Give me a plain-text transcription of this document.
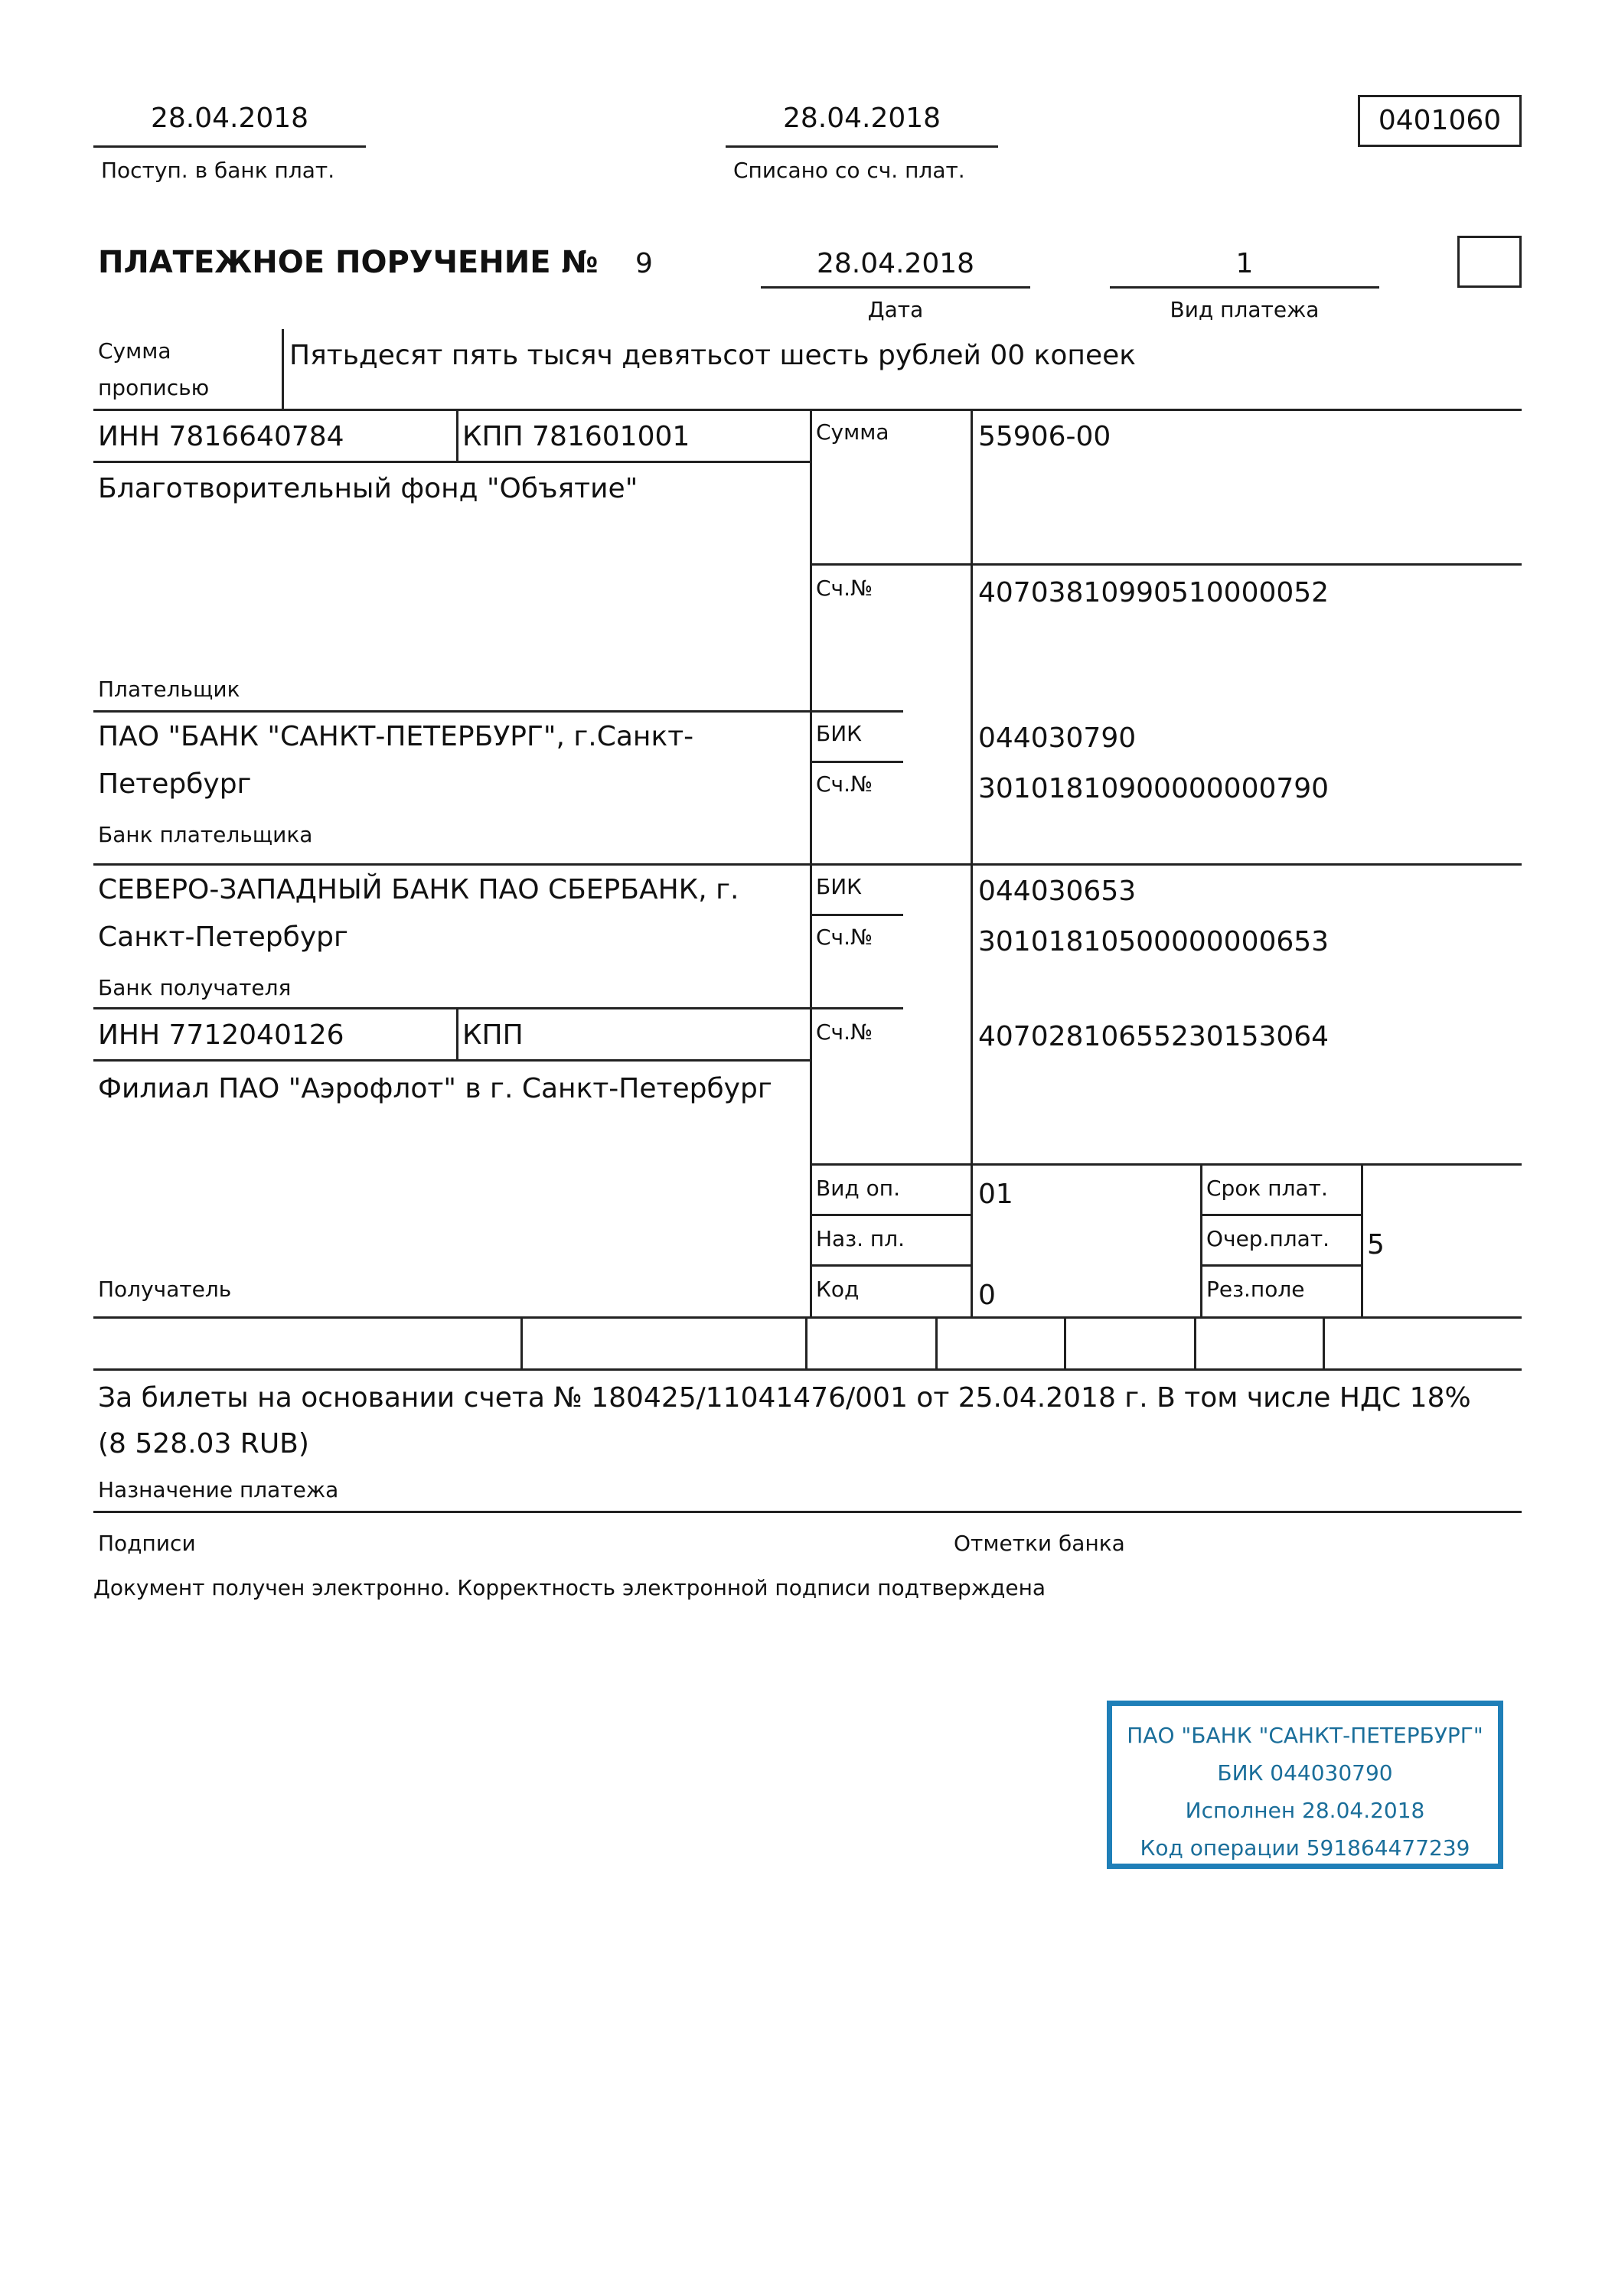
28.04.2018
Поступ. в банк плат.
28.04.2018
Списано со сч. плат.
0401060
ПЛАТЕЖНОЕ ПОРУЧЕНИЕ № 9	28.04.2018
Дата
1
Вид платежа
Сумма
прописью
Пятьдесят пять тысяч девятьсот шесть рублей 00 копеек
ИНН 7816640784	КПП 781601001
Благотворительный фонд "Объятие"
Плательщик
Сумма	55906-00
Сч.№	40703810990510000052
ПАО "БАНК "САНКТ-ПЕТЕРБУРГ", г.Санкт-
Петербург
Банк плательщика
БИК	044030790
Сч.№	30101810900000000790
СЕВЕРО-ЗАПАДНЫЙ БАНК ПАО СБЕРБАНК, г.
Санкт-Петербург
Банк получателя
БИК	044030653
Сч.№	30101810500000000653
ИНН 7712040126	КПП
Филиал ПАО "Аэрофлот" в г. Санкт-Петербург
Получатель
Сч.№	40702810655230153064
Вид оп.	01
Наз. пл.
Код	0
Срок плат.
Очер.плат. 5
Рез.поле
За билеты на основании счета № 180425/11041476/001 от 25.04.2018 г. В том числе НДС 18%
(8 528.03 RUB)
Назначение платежа
Подписи	Отметки банка
Документ получен электронно. Корректность электронной подписи подтверждена
ПАО "БАНК "САНКТ-ПЕТЕРБУРГ"
БИК 044030790
Исполнен 28.04.2018
Код операции 591864477239
